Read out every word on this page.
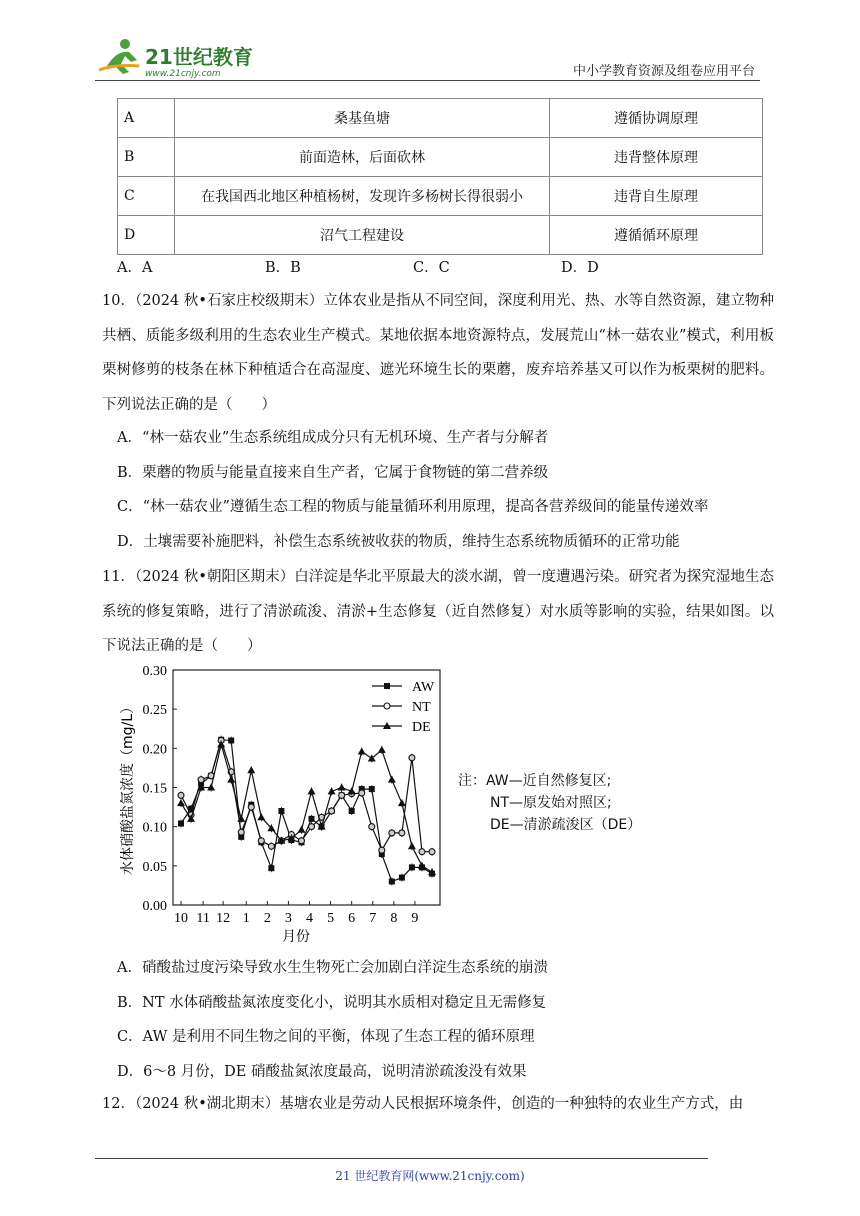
21世纪教育
www.21cnjy.com	中小学教育资源及组卷应用平台
A	桑基鱼塘	遵循协调原理
B	前面造林，后面砍林	违背整体原理
C	在我国西北地区种植杨树，发现许多杨树长得很弱小	违背自生原理
D	沼气工程建设	遵循循环原理
A．A	B．B	C．C	D．D
10．（2024 秋•石家庄校级期末）立体农业是指从不同空间，深度利用光、热、水等自然资源，建立物种共栖、质能多级利用的生态农业生产模式。某地依据本地资源特点，发展荒山“林一菇农业”模式，利用板栗树修剪的枝条在林下种植适合在高湿度、遮光环境生长的栗蘑，废弃培养基又可以作为板栗树的肥料。下列说法正确的是（　　）
A．“林一菇农业”生态系统组成成分只有无机环境、生产者与分解者
B．栗蘑的物质与能量直接来自生产者，它属于食物链的第二营养级
C．“林一菇农业”遵循生态工程的物质与能量循环利用原理，提高各营养级间的能量传递效率
D．土壤需要补施肥料，补偿生态系统被收获的物质，维持生态系统物质循环的正常功能
11．（2024 秋•朝阳区期末）白洋淀是华北平原最大的淡水湖，曾一度遭遇污染。研究者为探究湿地生态系统的修复策略，进行了清淤疏浚、清淤+生态修复（近自然修复）对水质等影响的实验，结果如图。以下说法正确的是（　　）
0.00
0.05
0.10
0.15
0.20
0.25
0.30
10 11 12 1 2 3 4 5 6 7 8 9
水体硝酸盐氮浓度（mg/L）
月份
AW
NT
DE
注：AW—近自然修复区;
NT—原发始对照区;
DE—清淤疏浚区（DE）
A．硝酸盐过度污染导致水生生物死亡会加剧白洋淀生态系统的崩溃
B．NT 水体硝酸盐氮浓度变化小，说明其水质相对稳定且无需修复
C．AW 是利用不同生物之间的平衡，体现了生态工程的循环原理
D．6～8 月份，DE 硝酸盐氮浓度最高，说明清淤疏浚没有效果
12．（2024 秋•湖北期末）基塘农业是劳动人民根据环境条件，创造的一种独特的农业生产方式，由
21 世纪教育网(www.21cnjy.com)
